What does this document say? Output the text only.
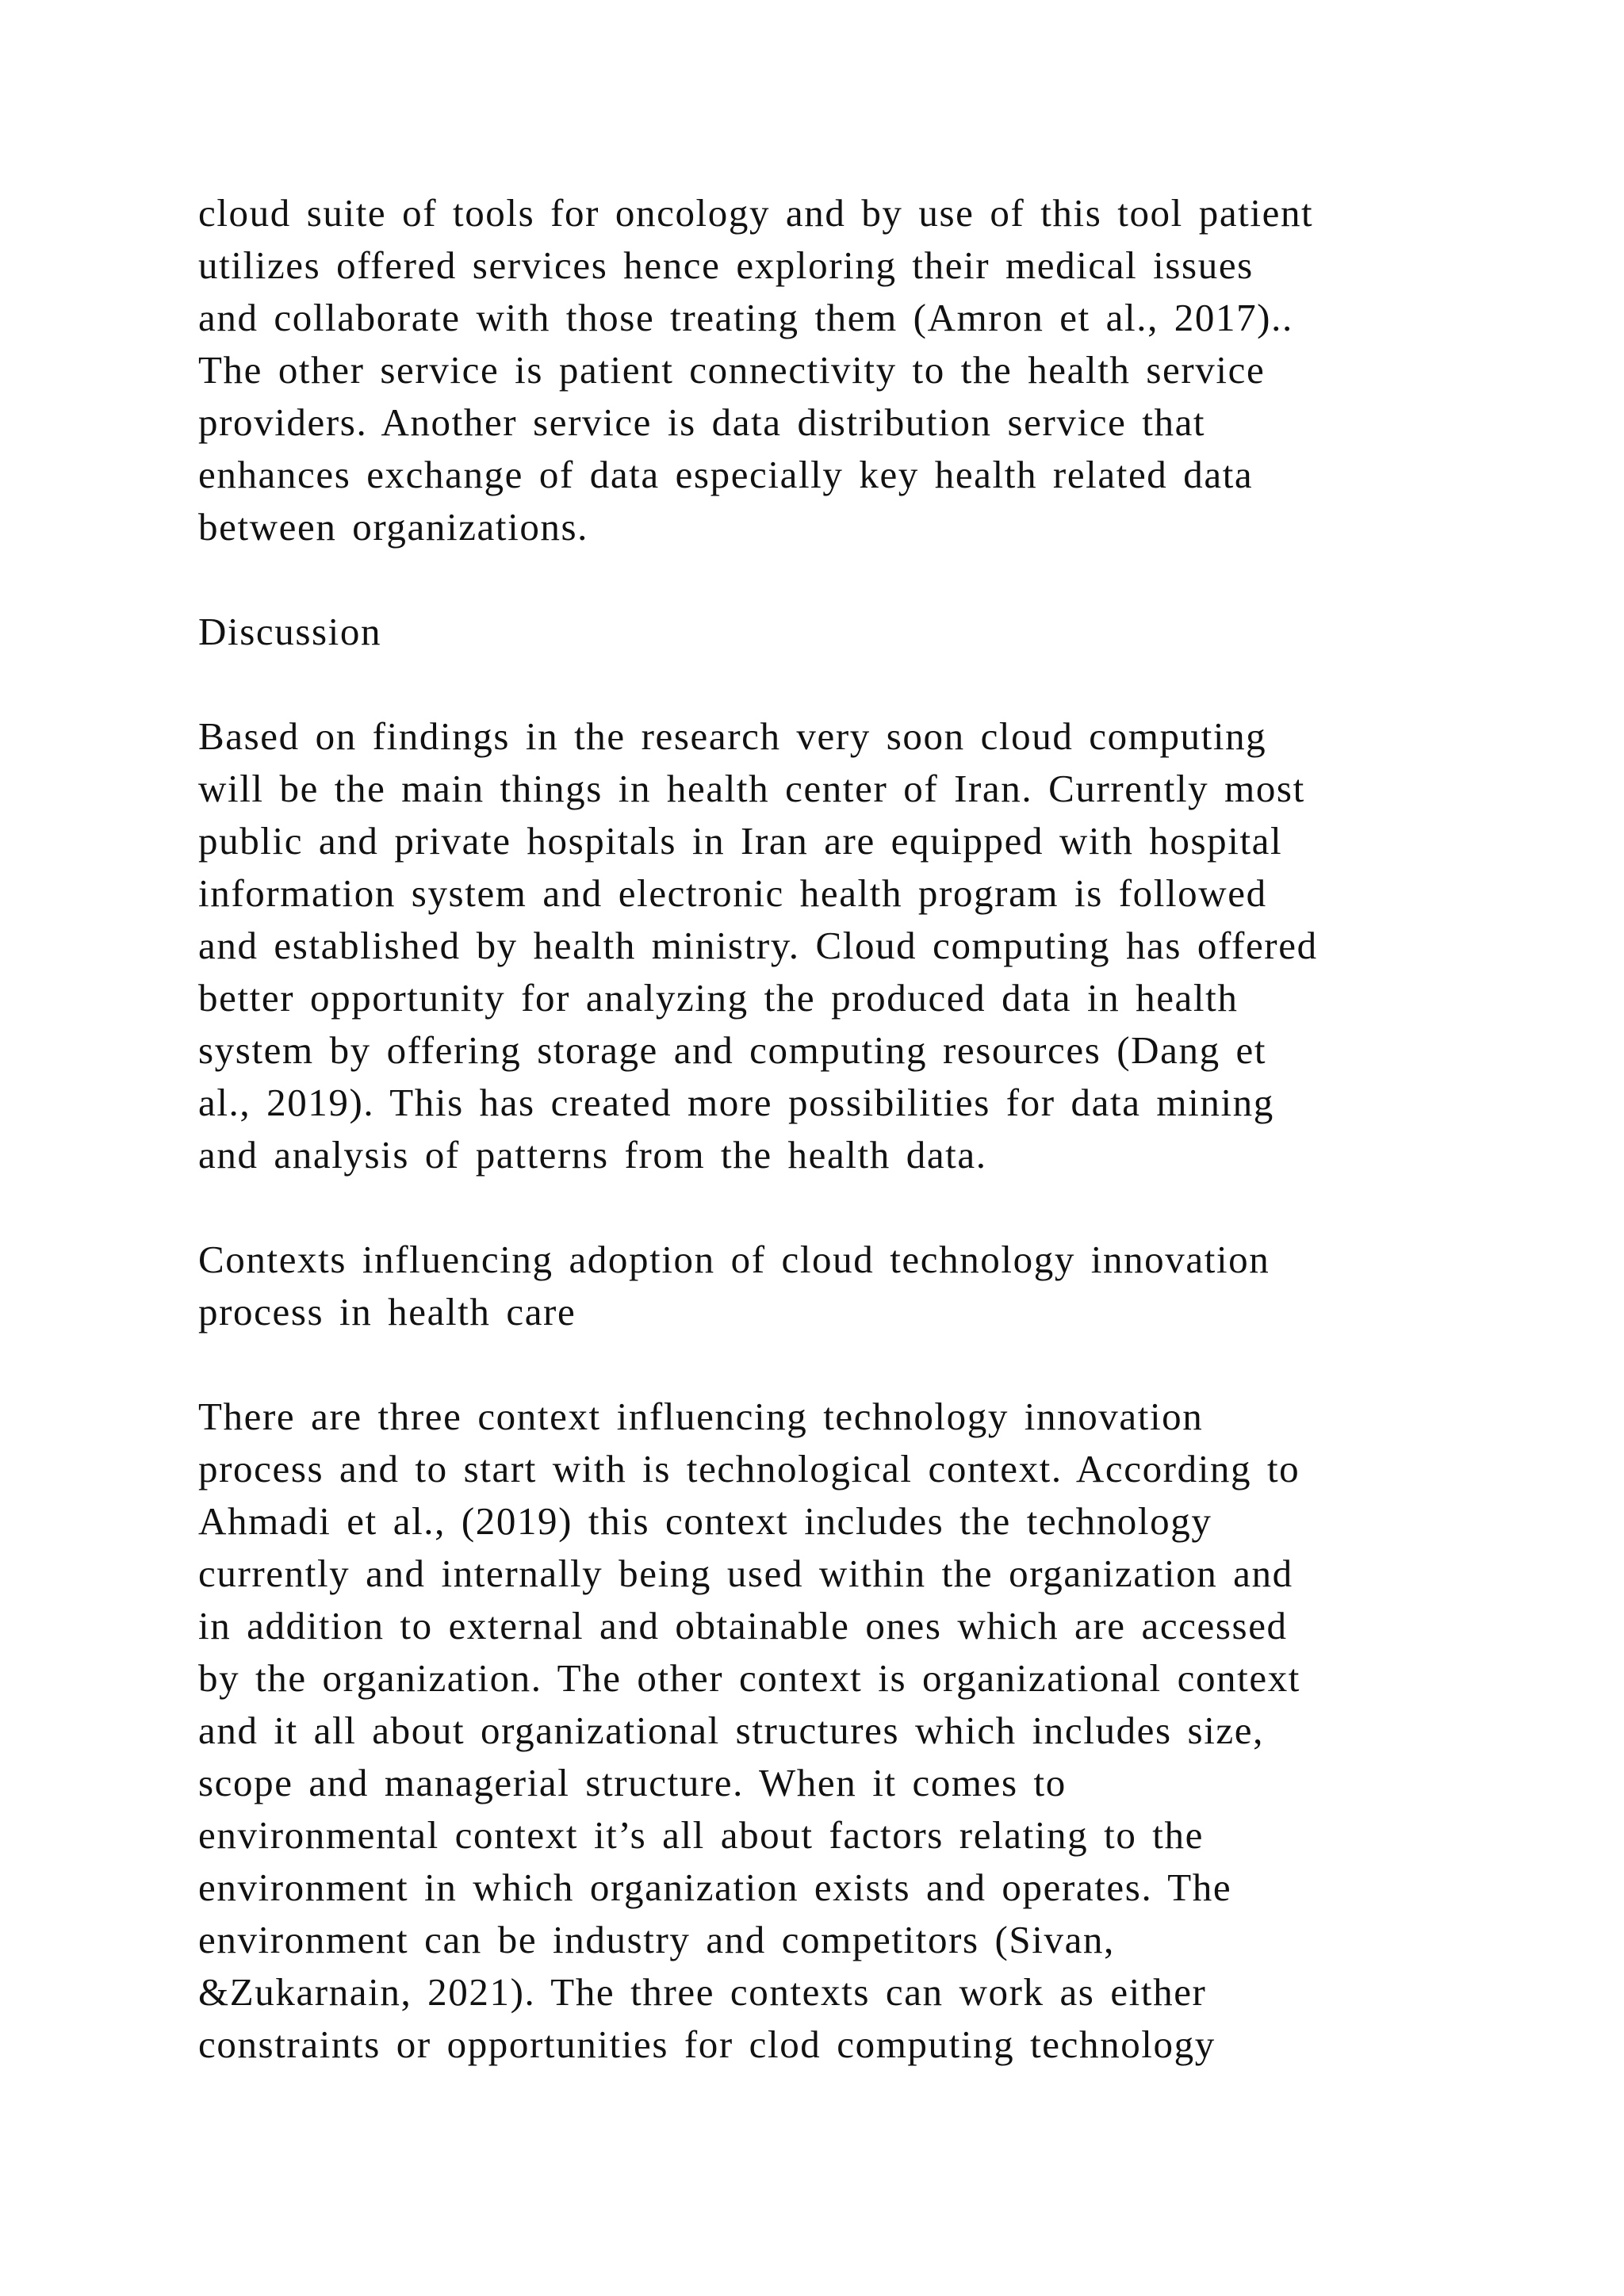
cloud suite of tools for oncology and by use of this tool patient
utilizes offered services hence exploring their medical issues
and collaborate with those treating them (Amron et al., 2017)..
The other service is patient connectivity to the health service
providers. Another service is data distribution service that
enhances exchange of data especially key health related data
between organizations.
Discussion
Based on findings in the research very soon cloud computing
will be the main things in health center of Iran. Currently most
public and private hospitals in Iran are equipped with hospital
information system and electronic health program is followed
and established by health ministry. Cloud computing has offered
better opportunity for analyzing the produced data in health
system by offering storage and computing resources (Dang et
al., 2019). This has created more possibilities for data mining
and analysis of patterns from the health data.
Contexts influencing adoption of cloud technology innovation
process in health care
There are three context influencing technology innovation
process and to start with is technological context. According to
Ahmadi et al., (2019) this context includes the technology
currently and internally being used within the organization and
in addition to external and obtainable ones which are accessed
by the organization. The other context is organizational context
and it all about organizational structures which includes size,
scope and managerial structure. When it comes to
environmental context it’s all about factors relating to the
environment in which organization exists and operates. The
environment can be industry and competitors (Sivan,
&Zukarnain, 2021). The three contexts can work as either
constraints or opportunities for clod computing technology
